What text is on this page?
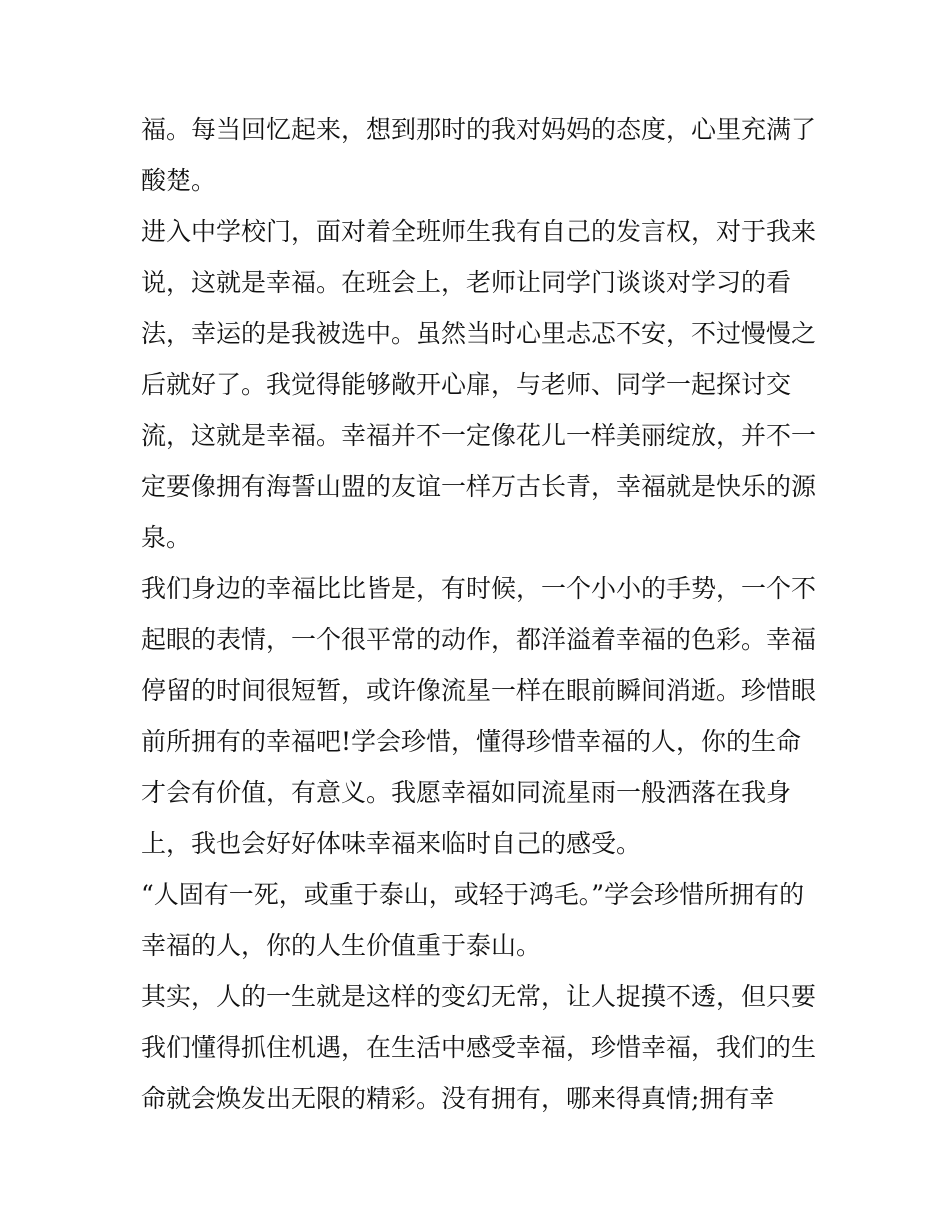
福。每当回忆起来，想到那时的我对妈妈的态度，心里充满了
酸楚。
进入中学校门，面对着全班师生我有自己的发言权，对于我来
说，这就是幸福。在班会上，老师让同学门谈谈对学习的看
法，幸运的是我被选中。虽然当时心里忐忑不安，不过慢慢之
后就好了。我觉得能够敞开心扉，与老师、同学一起探讨交
流，这就是幸福。幸福并不一定像花儿一样美丽绽放，并不一
定要像拥有海誓山盟的友谊一样万古长青，幸福就是快乐的源
泉。
我们身边的幸福比比皆是，有时候，一个小小的手势，一个不
起眼的表情，一个很平常的动作，都洋溢着幸福的色彩。幸福
停留的时间很短暂，或许像流星一样在眼前瞬间消逝。珍惜眼
前所拥有的幸福吧!学会珍惜，懂得珍惜幸福的人，你的生命
才会有价值，有意义。我愿幸福如同流星雨一般洒落在我身
上，我也会好好体味幸福来临时自己的感受。
“人固有一死，或重于泰山，或轻于鸿毛。”学会珍惜所拥有的
幸福的人，你的人生价值重于泰山。
其实，人的一生就是这样的变幻无常，让人捉摸不透，但只要
我们懂得抓住机遇，在生活中感受幸福，珍惜幸福，我们的生
命就会焕发出无限的精彩。没有拥有，哪来得真情;拥有幸
